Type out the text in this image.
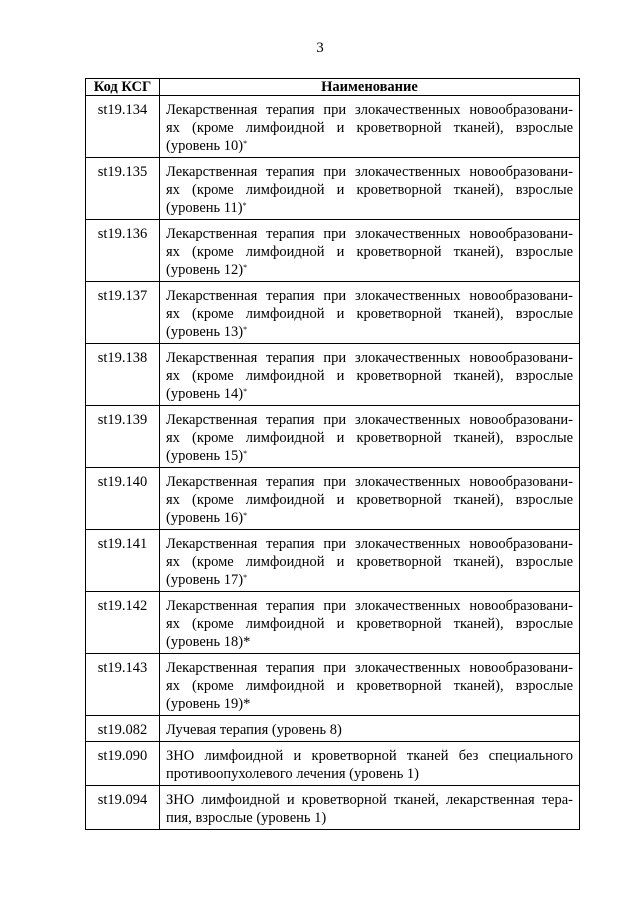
3
Код КСГ	Наименование
st19.134	Лекарственная терапия при злокачественных новообразовани-
ях (кроме лимфоидной и кроветворной тканей), взрослые
(уровень 10)*

st19.135	Лекарственная терапия при злокачественных новообразовани-
ях (кроме лимфоидной и кроветворной тканей), взрослые
(уровень 11)*

st19.136	Лекарственная терапия при злокачественных новообразовани-
ях (кроме лимфоидной и кроветворной тканей), взрослые
(уровень 12)*

st19.137	Лекарственная терапия при злокачественных новообразовани-
ях (кроме лимфоидной и кроветворной тканей), взрослые
(уровень 13)*

st19.138	Лекарственная терапия при злокачественных новообразовани-
ях (кроме лимфоидной и кроветворной тканей), взрослые
(уровень 14)*

st19.139	Лекарственная терапия при злокачественных новообразовани-
ях (кроме лимфоидной и кроветворной тканей), взрослые
(уровень 15)*

st19.140	Лекарственная терапия при злокачественных новообразовани-
ях (кроме лимфоидной и кроветворной тканей), взрослые
(уровень 16)*

st19.141	Лекарственная терапия при злокачественных новообразовани-
ях (кроме лимфоидной и кроветворной тканей), взрослые
(уровень 17)*

st19.142	Лекарственная терапия при злокачественных новообразовани-
ях (кроме лимфоидной и кроветворной тканей), взрослые
(уровень 18)*

st19.143	Лекарственная терапия при злокачественных новообразовани-
ях (кроме лимфоидной и кроветворной тканей), взрослые
(уровень 19)*

st19.082	Лучевая терапия (уровень 8)

st19.090	ЗНО лимфоидной и кроветворной тканей без специального
противоопухолевого лечения (уровень 1)

st19.094	ЗНО лимфоидной и кроветворной тканей, лекарственная тера-
пия, взрослые (уровень 1)
